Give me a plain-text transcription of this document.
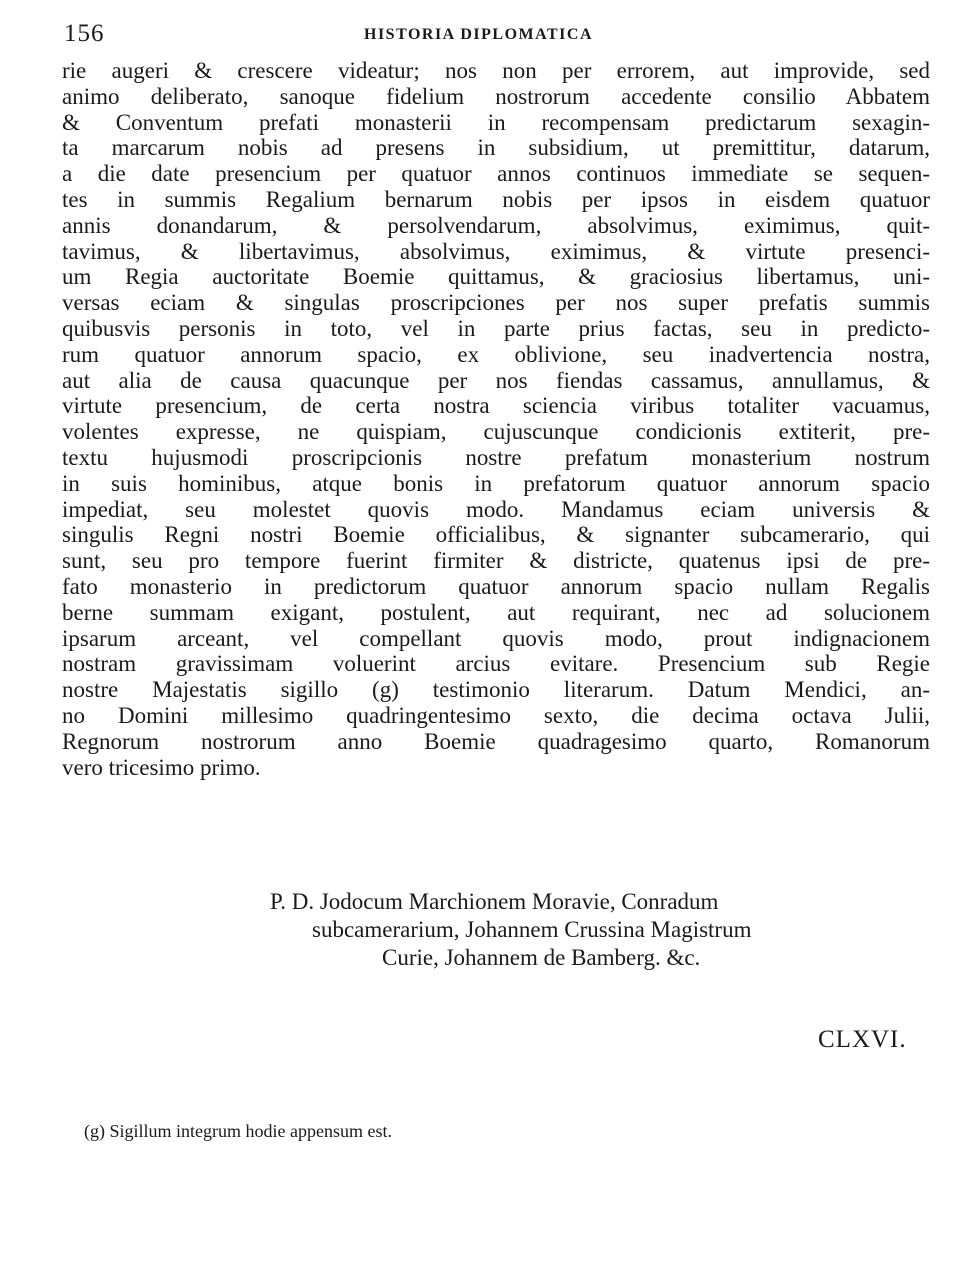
156	HISTORIA DIPLOMATICA
rie augeri & crescere videatur; nos non per errorem, aut improvide, sed
animo deliberato, sanoque fidelium nostrorum accedente consilio Abbatem
& Conventum prefati monasterii in recompensam predictarum sexagin-
ta marcarum nobis ad presens in subsidium, ut premittitur, datarum,
a die date presencium per quatuor annos continuos immediate se sequen-
tes in summis Regalium bernarum nobis per ipsos in eisdem quatuor
annis donandarum, & persolvendarum, absolvimus, eximimus, quit-
tavimus, & libertavimus, absolvimus, eximimus, & virtute presenci-
um Regia auctoritate Boemie quittamus, & graciosius libertamus, uni-
versas eciam & singulas proscripciones per nos super prefatis summis
quibusvis personis in toto, vel in parte prius factas, seu in predicto-
rum quatuor annorum spacio, ex oblivione, seu inadvertencia nostra,
aut alia de causa quacunque per nos fiendas cassamus, annullamus, &
virtute presencium, de certa nostra sciencia viribus totaliter vacuamus,
volentes expresse, ne quispiam, cujuscunque condicionis extiterit, pre-
textu hujusmodi proscripcionis nostre prefatum monasterium nostrum
in suis hominibus, atque bonis in prefatorum quatuor annorum spacio
impediat, seu molestet quovis modo. Mandamus eciam universis &
singulis Regni nostri Boemie officialibus, & signanter subcamerario, qui
sunt, seu pro tempore fuerint firmiter & districte, quatenus ipsi de pre-
fato monasterio in predictorum quatuor annorum spacio nullam Regalis
berne summam exigant, postulent, aut requirant, nec ad solucionem
ipsarum arceant, vel compellant quovis modo, prout indignacionem
nostram gravissimam voluerint arcius evitare. Presencium sub Regie
nostre Majestatis sigillo (g) testimonio literarum. Datum Mendici, an-
no Domini millesimo quadringentesimo sexto, die decima octava Julii,
Regnorum nostrorum anno Boemie quadragesimo quarto, Romanorum
vero tricesimo primo.
P. D. Jodocum Marchionem Moravie, Conradum
subcamerarium, Johannem Crussina Magistrum
Curie, Johannem de Bamberg. &c.
CLXVI.
(g) Sigillum integrum hodie appensum est.
